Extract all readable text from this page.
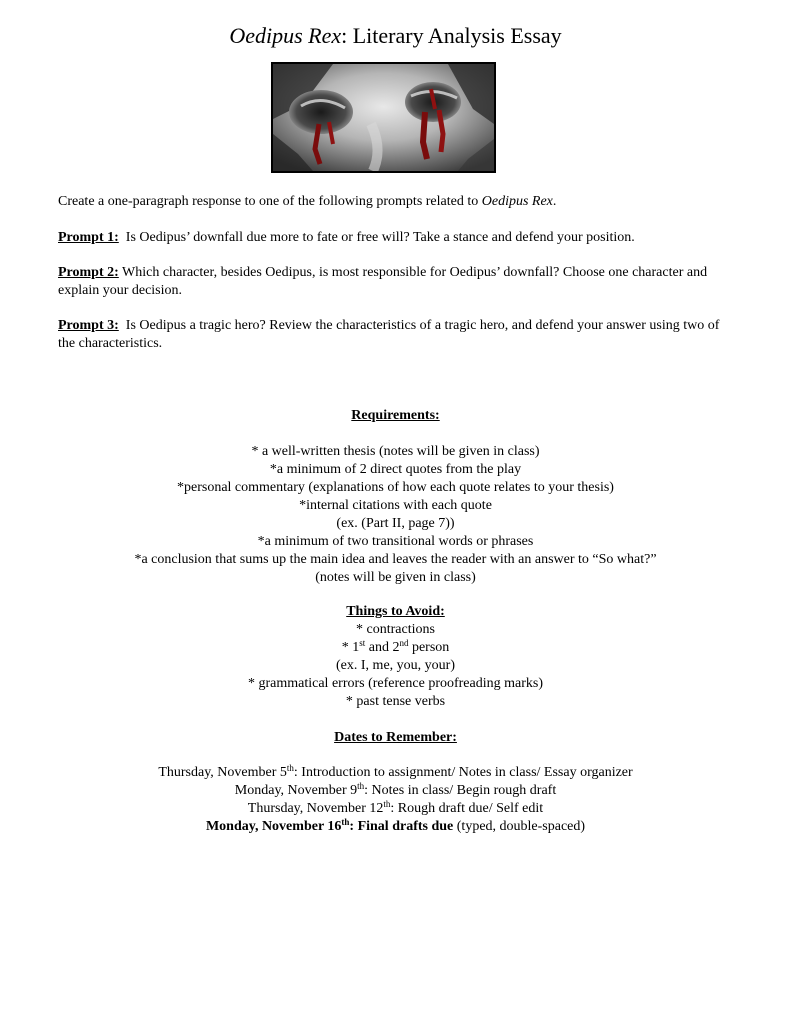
Oedipus Rex: Literary Analysis Essay
Create a one-paragraph response to one of the following prompts related to Oedipus Rex.
Prompt 1: Is Oedipus’ downfall due more to fate or free will? Take a stance and defend your position.
Prompt 2: Which character, besides Oedipus, is most responsible for Oedipus’ downfall? Choose one character and explain your decision.
Prompt 3: Is Oedipus a tragic hero? Review the characteristics of a tragic hero, and defend your answer using two of the characteristics.
Requirements:
* a well-written thesis (notes will be given in class)
*a minimum of 2 direct quotes from the play
*personal commentary (explanations of how each quote relates to your thesis)
*internal citations with each quote
(ex. (Part II, page 7))
*a minimum of two transitional words or phrases
*a conclusion that sums up the main idea and leaves the reader with an answer to “So what?”
(notes will be given in class)
Things to Avoid:
* contractions
* 1st and 2nd person
(ex. I, me, you, your)
* grammatical errors (reference proofreading marks)
* past tense verbs
Dates to Remember:
Thursday, November 5th: Introduction to assignment/ Notes in class/ Essay organizer
Monday, November 9th: Notes in class/ Begin rough draft
Thursday, November 12th: Rough draft due/ Self edit
Monday, November 16th: Final drafts due (typed, double-spaced)
